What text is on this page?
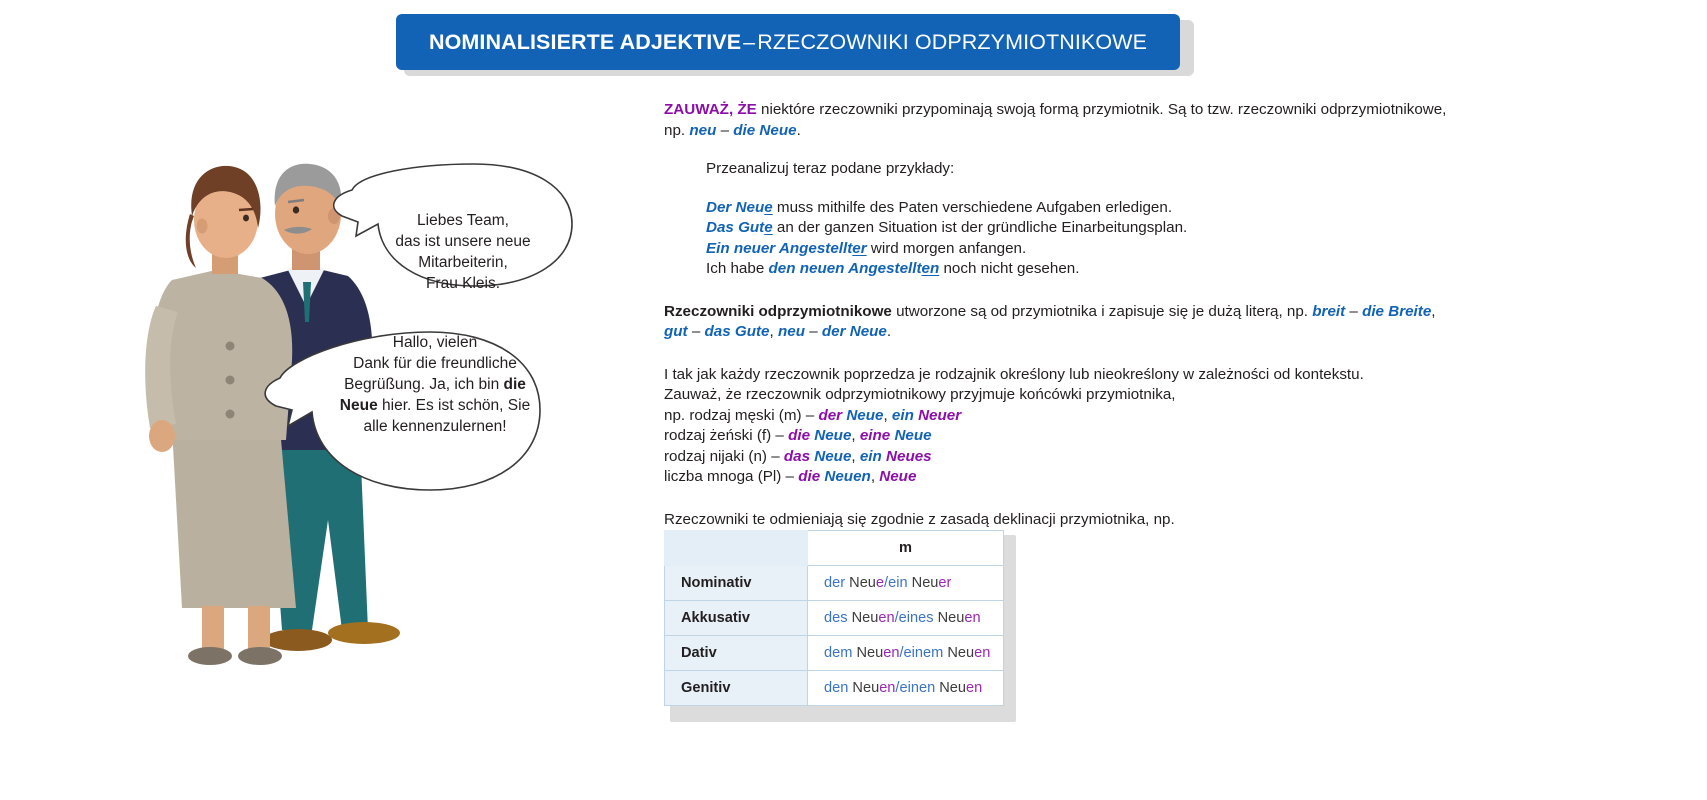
NOMINALISIERTE ADJEKTIVE – RZECZOWNIKI ODPRZYMIOTNIKOWE
Liebes Team,
das ist unsere neue
Mitarbeiterin,
Frau Kleis.
Hallo, vielen
Dank für die freundliche
Begrüßung. Ja, ich bin die
Neue hier. Es ist schön, Sie
alle kennenzulernen!
ZAUWAŻ, ŻE niektóre rzeczowniki przypominają swoją formą przymiotnik. Są to tzw. rzeczowniki odprzymiotnikowe,
np. neu – die Neue.
Przeanalizuj teraz podane przykłady:
Der Neue muss mithilfe des Paten verschiedene Aufgaben erledigen.
Das Gute an der ganzen Situation ist der gründliche Einarbeitungsplan.
Ein neuer Angestellter wird morgen anfangen.
Ich habe den neuen Angestellten noch nicht gesehen.
Rzeczowniki odprzymiotnikowe utworzone są od przymiotnika i zapisuje się je dużą literą, np. breit – die Breite,
gut – das Gute, neu – der Neue.
I tak jak każdy rzeczownik poprzedza je rodzajnik określony lub nieokreślony w zależności od kontekstu.
Zauważ, że rzeczownik odprzymiotnikowy przyjmuje końcówki przymiotnika,
np. rodzaj męski (m) – der Neue, ein Neuer
rodzaj żeński (f) – die Neue, eine Neue
rodzaj nijaki (n) – das Neue, ein Neues
liczba mnoga (Pl) – die Neuen, Neue
Rzeczowniki te odmieniają się zgodnie z zasadą deklinacji przymiotnika, np.
	m
Nominativ	der Neue/ein Neuer
Akkusativ	des Neuen/eines Neuen
Dativ	dem Neuen/einem Neuen
Genitiv	den Neuen/einen Neuen
